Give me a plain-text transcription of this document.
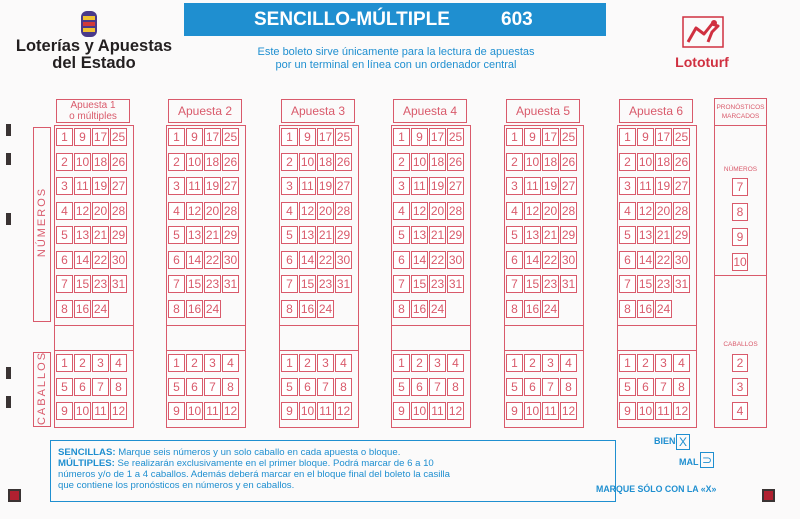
Loterías y Apuestas
del Estado
SENCILLO-MÚLTIPLE	603
Este boleto sirve únicamente para la lectura de apuestas
por un terminal en línea con un ordenador central	Lototurf
NÚMEROS
CABALLOS
Apuesta 1
o múltiples
1 9 17 25
2 10 18 26
3 11 19 27
4 12 20 28
5 13 21 29
6 14 22 30
7 15 23 31
8 16 24
1 2 3 4
5 6 7 8
9 10 11 12
Apuesta 2
1 9 17 25
2 10 18 26
3 11 19 27
4 12 20 28
5 13 21 29
6 14 22 30
7 15 23 31
8 16 24
1 2 3 4
5 6 7 8
9 10 11 12
Apuesta 3
1 9 17 25
2 10 18 26
3 11 19 27
4 12 20 28
5 13 21 29
6 14 22 30
7 15 23 31
8 16 24
1 2 3 4
5 6 7 8
9 10 11 12
Apuesta 4
1 9 17 25
2 10 18 26
3 11 19 27
4 12 20 28
5 13 21 29
6 14 22 30
7 15 23 31
8 16 24
1 2 3 4
5 6 7 8
9 10 11 12
Apuesta 5
1 9 17 25
2 10 18 26
3 11 19 27
4 12 20 28
5 13 21 29
6 14 22 30
7 15 23 31
8 16 24
1 2 3 4
5 6 7 8
9 10 11 12
Apuesta 6
1 9 17 25
2 10 18 26
3 11 19 27
4 12 20 28
5 13 21 29
6 14 22 30
7 15 23 31
8 16 24
1 2 3 4
5 6 7 8
9 10 11 12
PRONÓSTICOS
MARCADOS
NÚMEROS
CABALLOS
7
8
9
10
2
3
4
SENCILLAS: Marque seis números y un solo caballo en cada apuesta o bloque.
MÚLTIPLES: Se realizarán exclusivamente en el primer bloque. Podrá marcar de 6 a 10
números y/o de 1 a 4 caballos. Además deberá marcar en el bloque final del boleto la casilla
que contiene los pronósticos en números y en caballos.
BIEN X
MAL ⊃
MARQUE SÓLO CON LA «X»
